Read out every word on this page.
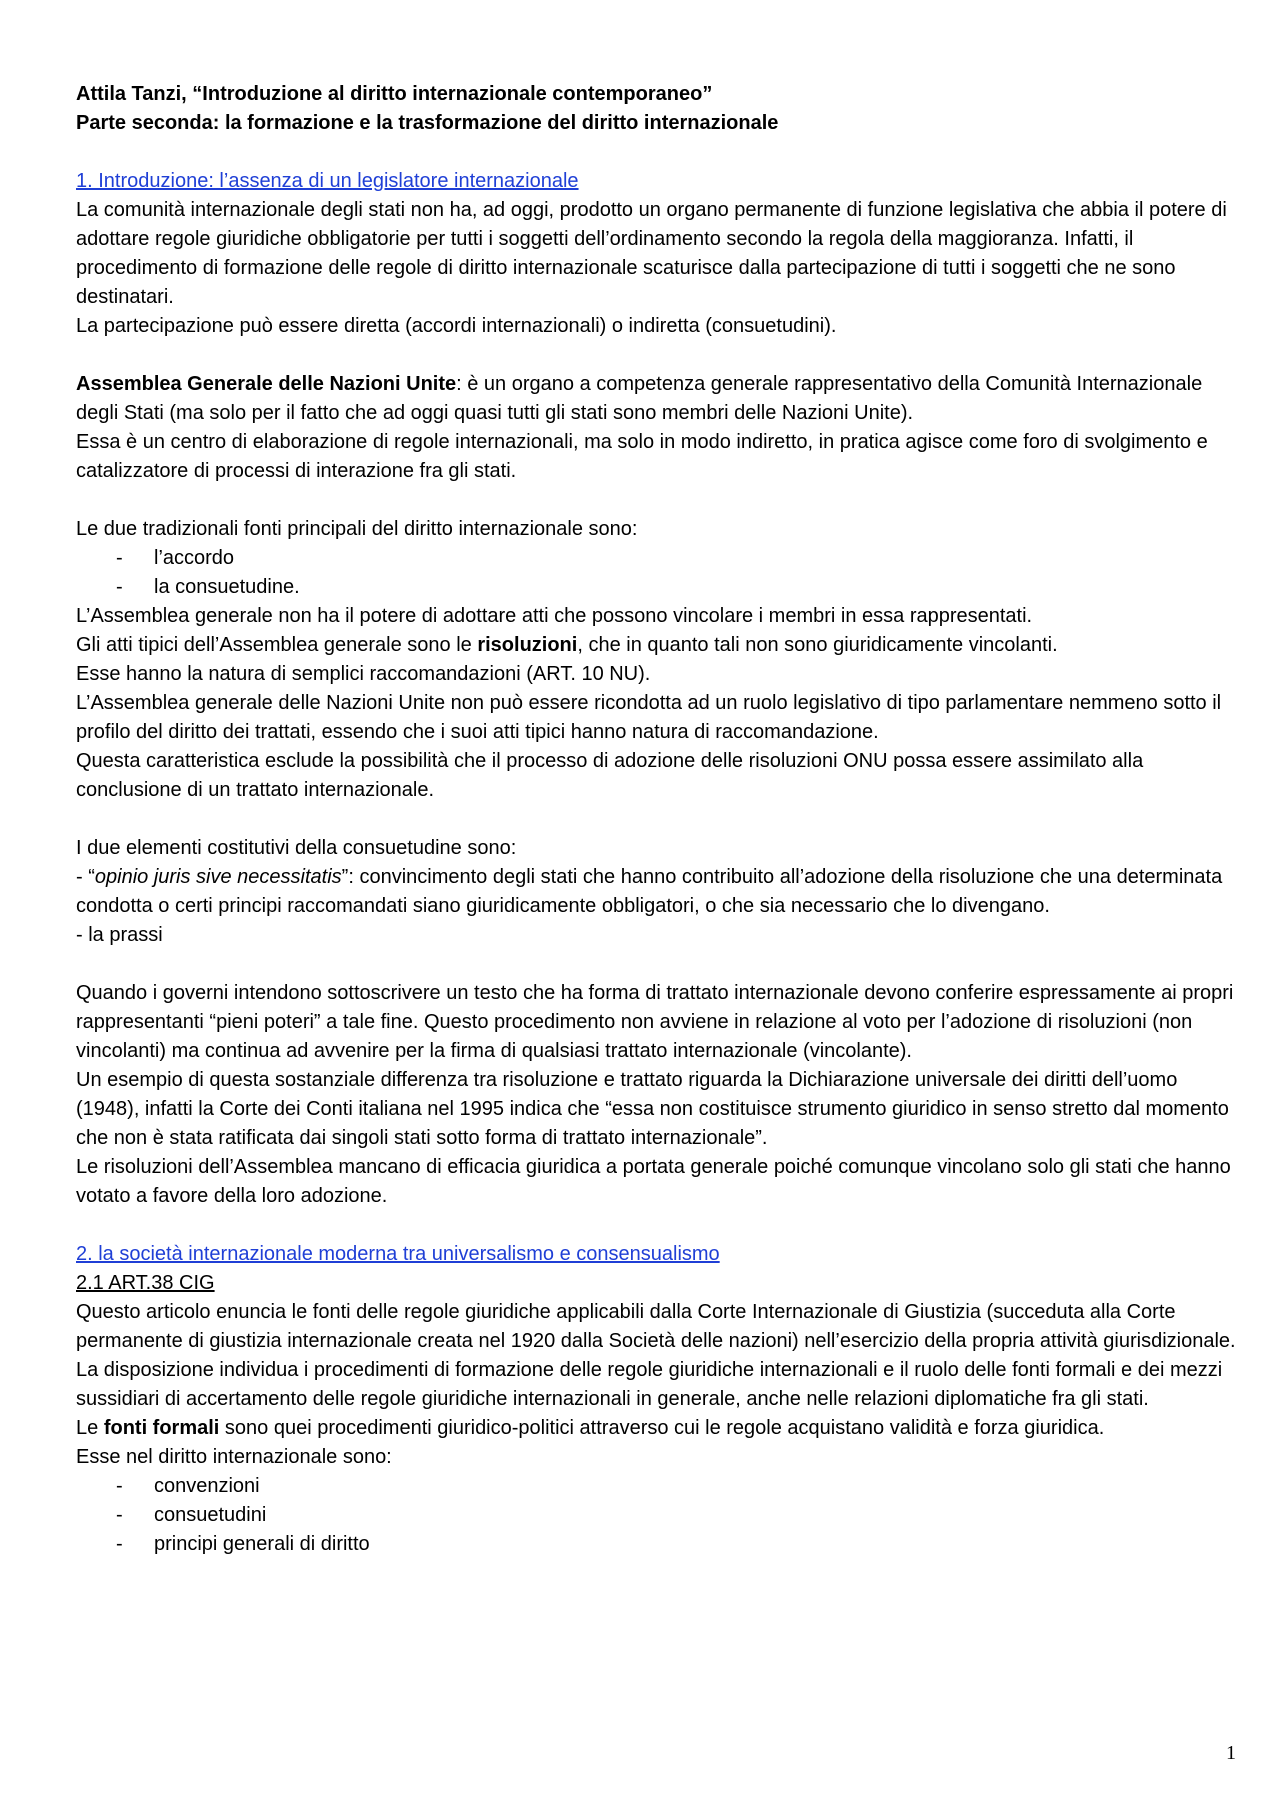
Attila Tanzi, “Introduzione al diritto internazionale contemporaneo”

Parte seconda: la formazione e la trasformazione del diritto internazionale

1. Introduzione: l’assenza di un legislatore internazionale

La comunità internazionale degli stati non ha, ad oggi, prodotto un organo permanente di funzione legislativa che abbia il potere di adottare regole giuridiche obbligatorie per tutti i soggetti dell’ordinamento secondo la regola della maggioranza. Infatti, il procedimento di formazione delle regole di diritto internazionale scaturisce dalla partecipazione di tutti i soggetti che ne sono destinatari.

La partecipazione può essere diretta (accordi internazionali) o indiretta (consuetudini).

Assemblea Generale delle Nazioni Unite: è un organo a competenza generale rappresentativo della Comunità Internazionale degli Stati (ma solo per il fatto che ad oggi quasi tutti gli stati sono membri delle Nazioni Unite).

Essa è un centro di elaborazione di regole internazionali, ma solo in modo indiretto, in pratica agisce come foro di svolgimento e catalizzatore di processi di interazione fra gli stati.

Le due tradizionali fonti principali del diritto internazionale sono:

- l’accordo
- la consuetudine.

L’Assemblea generale non ha il potere di adottare atti che possono vincolare i membri in essa rappresentati.

Gli atti tipici dell’Assemblea generale sono le risoluzioni, che in quanto tali non sono giuridicamente vincolanti.

Esse hanno la natura di semplici raccomandazioni (ART. 10 NU).

L’Assemblea generale delle Nazioni Unite non può essere ricondotta ad un ruolo legislativo di tipo parlamentare nemmeno sotto il profilo del diritto dei trattati, essendo che i suoi atti tipici hanno natura di raccomandazione.

Questa caratteristica esclude la possibilità che il processo di adozione delle risoluzioni ONU possa essere assimilato alla conclusione di un trattato internazionale.

I due elementi costitutivi della consuetudine sono:

- “opinio juris sive necessitatis”: convincimento degli stati che hanno contribuito all’adozione della risoluzione che una determinata condotta o certi principi raccomandati siano giuridicamente obbligatori, o che sia necessario che lo divengano.

- la prassi

Quando i governi intendono sottoscrivere un testo che ha forma di trattato internazionale devono conferire espressamente ai propri rappresentanti “pieni poteri” a tale fine. Questo procedimento non avviene in relazione al voto per l’adozione di risoluzioni (non vincolanti) ma continua ad avvenire per la firma di qualsiasi trattato internazionale (vincolante).

Un esempio di questa sostanziale differenza tra risoluzione e trattato riguarda la Dichiarazione universale dei diritti dell’uomo (1948), infatti la Corte dei Conti italiana nel 1995 indica che “essa non costituisce strumento giuridico in senso stretto dal momento che non è stata ratificata dai singoli stati sotto forma di trattato internazionale”.

Le risoluzioni dell’Assemblea mancano di efficacia giuridica a portata generale poiché comunque vincolano solo gli stati che hanno votato a favore della loro adozione.

2. la società internazionale moderna tra universalismo e consensualismo

2.1 ART.38 CIG

Questo articolo enuncia le fonti delle regole giuridiche applicabili dalla Corte Internazionale di Giustizia (succeduta alla Corte permanente di giustizia internazionale creata nel 1920 dalla Società delle nazioni) nell’esercizio della propria attività giurisdizionale.

La disposizione individua i procedimenti di formazione delle regole giuridiche internazionali e il ruolo delle fonti formali e dei mezzi sussidiari di accertamento delle regole giuridiche internazionali in generale, anche nelle relazioni diplomatiche fra gli stati.

Le fonti formali sono quei procedimenti giuridico-politici attraverso cui le regole acquistano validità e forza giuridica.

Esse nel diritto internazionale sono:

- convenzioni
- consuetudini
- principi generali di diritto
1
